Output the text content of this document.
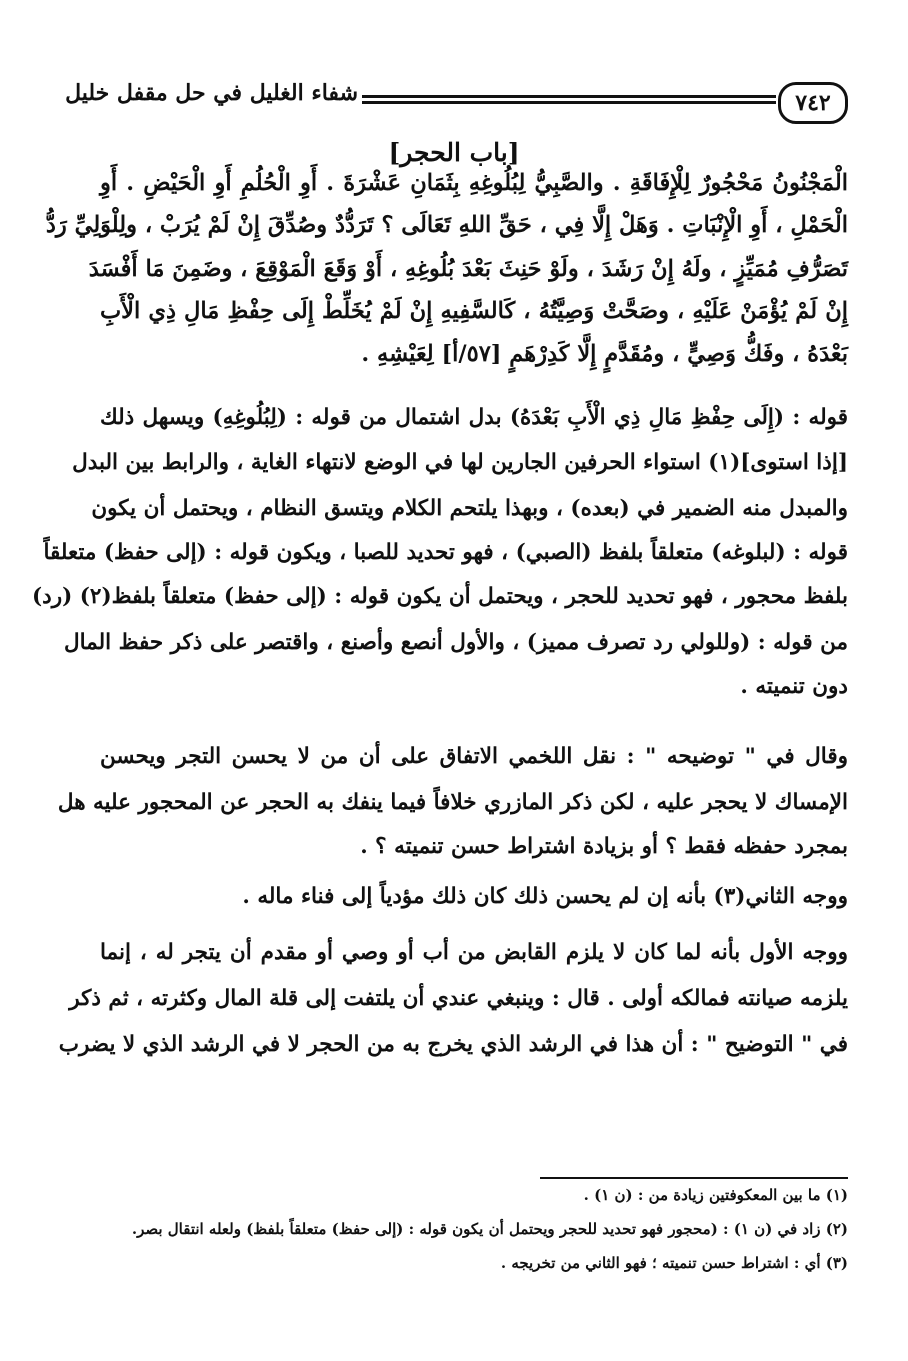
شفاء الغليل في حل مقفل خليل	٧٤٢
[باب الحجر]
الْمَجْنُونُ مَحْجُورٌ لِلْإِفَاقَةِ . والصَّبِيُّ لِبُلُوغِهِ بِثَمَانِ عَشْرَةَ . أَوِ الْحُلُمِ أَوِ الْحَيْضِ . أَوِ
الْحَمْلِ ، أَوِ الْإِنْبَاتِ . وَهَلْ إِلَّا فِي ، حَقِّ اللهِ تَعَالَى ؟ تَرَدُّدٌ وصُدِّقَ إِنْ لَمْ يُرَبْ ، ولِلْوَلِيِّ رَدُّ
تَصَرُّفِ مُمَيِّزٍ ، ولَهُ إِنْ رَشَدَ ، ولَوْ حَنِثَ بَعْدَ بُلُوغِهِ ، أَوْ وَقَعَ الْمَوْقِعَ ، وضَمِنَ مَا أَفْسَدَ
إِنْ لَمْ يُؤْمَنْ عَلَيْهِ ، وصَحَّتْ وَصِيَّتُهُ ، كَالسَّفِيهِ إِنْ لَمْ يُخَلِّطْ إِلَى حِفْظِ مَالِ ذِي الْأَبِ
بَعْدَهُ ، وفَكُّ وَصِيٍّ ، ومُقَدَّمٍ إِلَّا كَدِرْهَمٍ [٥٧/أ] لِعَيْشِهِ .
قوله : (إِلَى حِفْظِ مَالِ ذِي الْأَبِ بَعْدَهُ) بدل اشتمال من قوله : (لِبُلُوغِهِ) ويسهل ذلك
[إذا استوى](١) استواء الحرفين الجارين لها في الوضع لانتهاء الغاية ، والرابط بين البدل
والمبدل منه الضمير في (بعده) ، وبهذا يلتحم الكلام ويتسق النظام ، ويحتمل أن يكون
قوله : (لبلوغه) متعلقاً بلفظ (الصبي) ، فهو تحديد للصبا ، ويكون قوله : (إلى حفظ) متعلقاً
بلفظ محجور ، فهو تحديد للحجر ، ويحتمل أن يكون قوله : (إلى حفظ) متعلقاً بلفظ(٢) (رد)
من قوله : (وللولي رد تصرف مميز) ، والأول أنصع وأصنع ، واقتصر على ذكر حفظ المال
دون تنميته .
وقال في " توضيحه " : نقل اللخمي الاتفاق على أن من لا يحسن التجر ويحسن
الإمساك لا يحجر عليه ، لكن ذكر المازري خلافاً فيما ينفك به الحجر عن المحجور عليه هل
بمجرد حفظه فقط ؟ أو بزيادة اشتراط حسن تنميته ؟ .
ووجه الثاني(٣) بأنه إن لم يحسن ذلك كان ذلك مؤدياً إلى فناء ماله .
ووجه الأول بأنه لما كان لا يلزم القابض من أب أو وصي أو مقدم أن يتجر له ، إنما
يلزمه صيانته فمالكه أولى . قال : وينبغي عندي أن يلتفت إلى قلة المال وكثرته ، ثم ذكر
في " التوضيح " : أن هذا في الرشد الذي يخرج به من الحجر لا في الرشد الذي لا يضرب
(١) ما بين المعكوفتين زيادة من : (ن ١) .
(٢) زاد في (ن ١) : (محجور فهو تحديد للحجر ويحتمل أن يكون قوله : (إلى حفظ) متعلقاً بلفظ) ولعله انتقال بصر.
(٣) أي : اشتراط حسن تنميته ؛ فهو الثاني من تخريجه .
